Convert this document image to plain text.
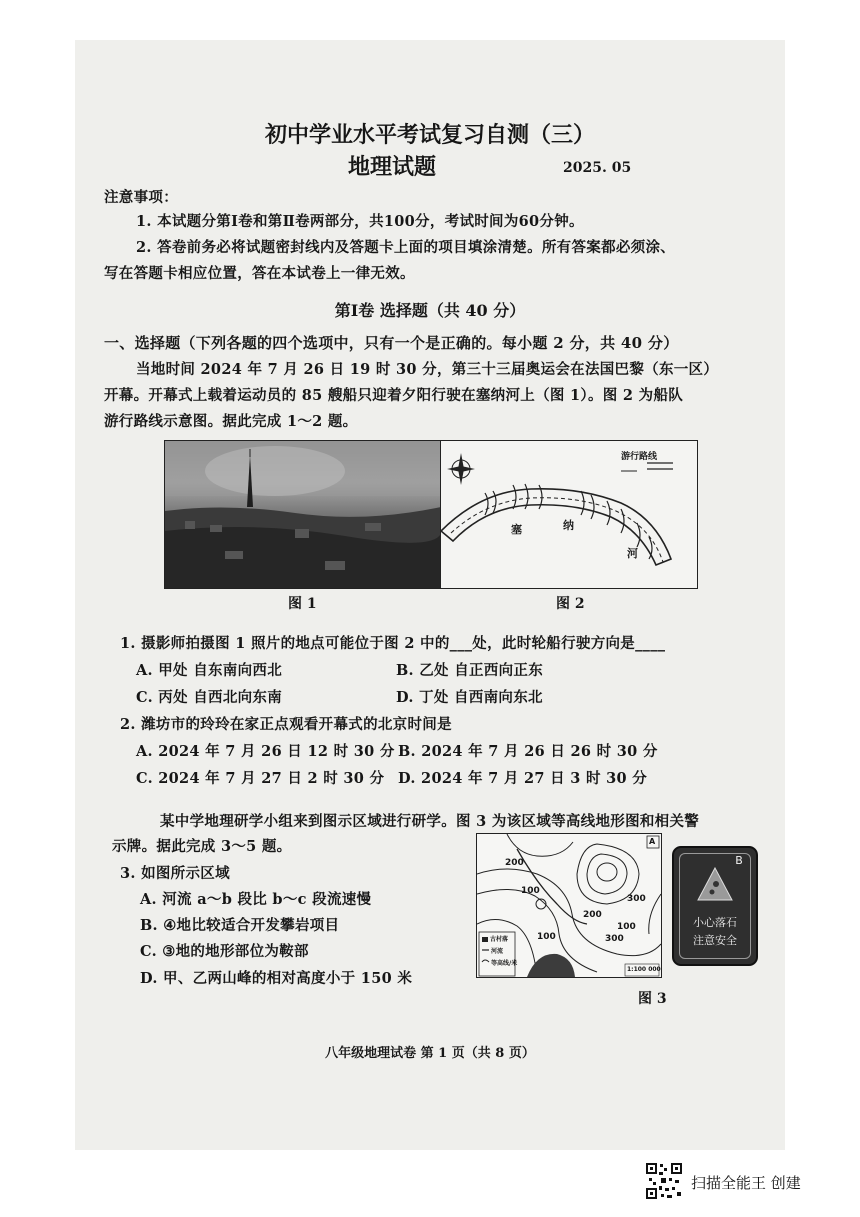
初中学业水平考试复习自测（三）
地理试题	2025. 05
注意事项：
1. 本试题分第Ⅰ卷和第Ⅱ卷两部分，共100分，考试时间为60分钟。
2. 答卷前务必将试题密封线内及答题卡上面的项目填涂清楚。所有答案都必须涂、
写在答题卡相应位置，答在本试卷上一律无效。
第Ⅰ卷 选择题（共 40 分）
一、选择题（下列各题的四个选项中，只有一个是正确的。每小题 2 分，共 40 分）
当地时间 2024 年 7 月 26 日 19 时 30 分，第三十三届奥运会在法国巴黎（东一区）
开幕。开幕式上载着运动员的 85 艘船只迎着夕阳行驶在塞纳河上（图 1）。图 2 为船队
游行路线示意图。据此完成 1～2 题。
游行路线
塞	纳
河
图 1	图 2
1. 摄影师拍摄图 1 照片的地点可能位于图 2 中的___处，此时轮船行驶方向是____
A. 甲处 自东南向西北	B. 乙处 自正西向正东
C. 丙处 自西北向东南	D. 丁处 自西南向东北
2. 潍坊市的玲玲在家正点观看开幕式的北京时间是
A. 2024 年 7 月 26 日 12 时 30 分 B. 2024 年 7 月 26 日 26 时 30 分
C. 2024 年 7 月 27 日 2 时 30 分 D. 2024 年 7 月 27 日 3 时 30 分
某中学地理研学小组来到图示区域进行研学。图 3 为该区域等高线地形图和相关警
示牌。据此完成 3～5 题。
3. 如图所示区域
A. 河流 a～b 段比 b～c 段流速慢
B. ④地比较适合开发攀岩项目
C. ③地的地形部位为鞍部
D. 甲、乙两山峰的相对高度小于 150 米
200
100
300
200
100	300
100
A
古村落
河流
等高线/米
1:100 000
B
小心落石
注意安全
图 3
八年级地理试卷 第 1 页（共 8 页）
扫描全能王 创建
